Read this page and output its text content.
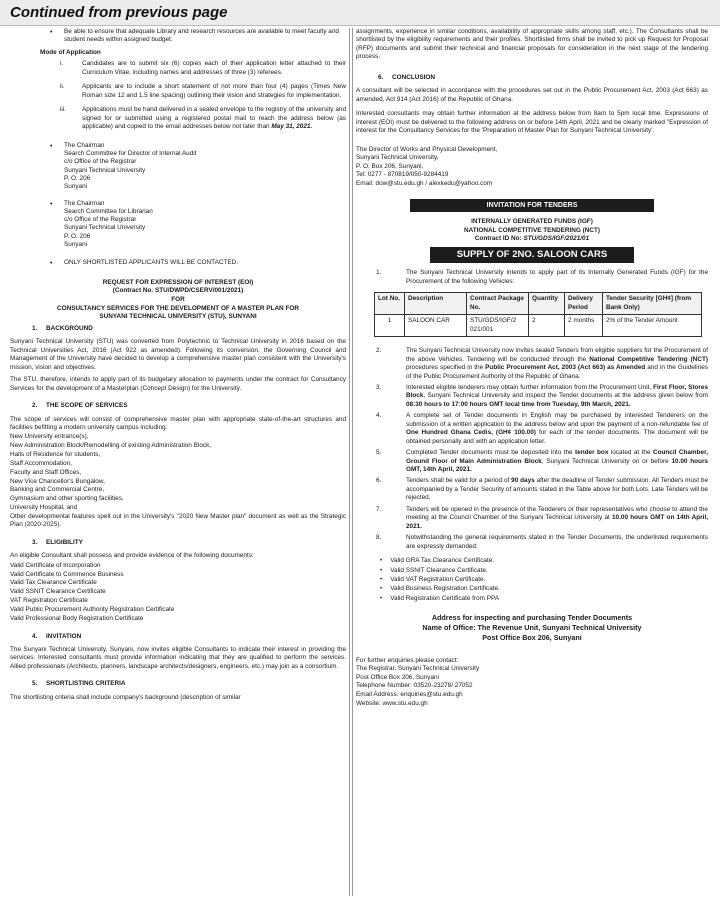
Continued from previous page
•	Be able to ensure that adequate Library and research resources are available to meet faculty and student needs within assigned budget.
Mode of Application
i.	Candidates are to submit six (6) copies each of their application letter attached to their Curriculum Vitae, including names and addresses of three (3) referees.
ii.	Applicants are to include a short statement of not more than four (4) pages (Times New Roman size 12 and 1.5 line spacing) outlining their vision and strategies for implementation.
iii.	Applications must be hand delivered in a sealed envelope to the registry of the university and signed for or submitted using a registered postal mail to reach the address below (as applicable) and copied to the email addresses below not later than May 31, 2021.
•	The Chairman
Search Committee for Director of Internal Audit
c/o Office of the Registrar
Sunyani Technical University
P. O. 206
Sunyani
•	The Chairman
Search Committee for Librarian
c/o Office of the Registrar
Sunyani Technical University
P. O. 206
Sunyani
•	ONLY SHORTLISTED APPLICANTS WILL BE CONTACTED.
REQUEST FOR EXPRESSION OF INTEREST (EOI)
(Contract No. STU/DWPD/CSERV/001/2021)
FOR
CONSULTANCY SERVICES FOR THE DEVELOPMENT OF A MASTER PLAN FOR
SUNYANI TECHNICAL UNIVERSITY (STU), SUNYANI
1. BACKGROUND
Sunyani Technical University (STU) was converted from Polytechnic to Technical University in 2016 based on the Technical Universities Act, 2016 (Act 922 as amended). Following its conversion, the Governing Council and Management of the University have decided to develop a comprehensive master plan consistent with the University's mission, vision and objectives.
The STU, therefore, intends to apply part of its budgetary allocation to payments under the contract for Consultancy Services for the development of a Masterplan (Concept Design) for the University.
2. THE SCOPE OF SERVICES
The scope of services will consist of comprehensive master plan with appropriate state-of-the-art structures and facilities befitting a modern university campus including:
New University entrance(s),
New Administration Block/Remodelling of existing Administration Block,
Halls of Residence for students,
Staff Accommodation,
Faculty and Staff Offices,
New Vice Chancellor's Bungalow,
Banking and Commercial Centre,
Gymnasium and other sporting facilities,
University Hospital, and
Other developmental features spelt out in the University's "2020 New Master plan" document as well as the Strategic Plan (2020-2025).
3. ELIGIBILITY
An eligible Consultant shall possess and provide evidence of the following documents:
Valid Certificate of Incorporation
Valid Certificate to Commence Business
Valid Tax Clearance Certificate
Valid SSNIT Clearance Certificate
VAT Registration Certificate
Valid Public Procurement Authority Registration Certificate
Valid Professional Body Registration Certificate
4. INVITATION
The Sunyani Technical University, Sunyani, now invites eligible Consultants to indicate their interest in providing the services. Interested consultants must provide information indicating that they are qualified to perform the services. Allied professionals (Architects, planners, landscape architects/designers, engineers, etc.) may join as a consortium.
5. SHORTLISTING CRITERIA
The shortlisting criteria shall include company's background (description of similar
assignments, experience in similar conditions, availability of appropriate skills among staff, etc.). The Consultants shall be shortlisted by the eligibility requirements and their profiles. Shortlisted firms shall be invited to pick up Request for Proposal (RFP) documents and submit their technical and financial proposals for consideration in the next stage of the tendering process.
6. CONCLUSION
A consultant will be selected in accordance with the procedures set out in the Public Procurement Act, 2003 (Act 663) as amended, Act 914 (Act 2016) of the Republic of Ghana.
Interested consultants may obtain further information at the address below from 8am to 5pm local time. Expressions of interest (EOI) must be delivered to the following address on or before 14th April, 2021 and be clearly marked "Expression of interest for the Consultancy Services for the 'Preparation of Master Plan for Sunyani Technical University'.
The Director of Works and Physical Development,
Sunyani Technical University,
P. O. Box 206, Sunyani,
Tel: 0277 - 870819/050-9284419
Email: dow@stu.edu.gh / alexkedu@yahoo.com
INVITATION FOR TENDERS
INTERNALLY GENERATED FUNDS (IGF)
NATIONAL COMPETITIVE TENDERING (NCT)
Contract ID No: STU/GDS/IGF/2021/01
SUPPLY OF 2NO. SALOON CARS
1.	The Sunyani Technical University intends to apply part of its Internally Generated Funds (IGF) for the Procurement of the following Vehicles:
Lot No.	Description	Contract Package No.	Quantity	Delivery Period	Tender Security [GH¢] (from Bank Only)
1	SALOON CAR	STU/GDS/IGF/2 021/001	2	2 months	2% of the Tender Amount
2.	The Sunyani Technical University now invites sealed Tenders from eligible suppliers for the Procurement of the above Vehicles. Tendering will be conducted through the National Competitive Tendering (NCT) procedures specified in the Public Procurement Act, 2003 (Act 663) as Amended and in the Guidelines of the Public Procurement Authority of the Republic of Ghana.
3.	Interested eligible tenderers may obtain further information from the Procurement Unit, First Floor, Stores Block, Sunyani Technical University and inspect the Tender documents at the address given below from 08:30 hours to 17:00 hours GMT local time from Tuesday, 9th March, 2021.
4.	A complete set of Tender documents in English may be purchased by interested Tenderers on the submission of a written application to the address below and upon the payment of a non-refundable fee of One Hundred Ghana Cedis, (GH¢ 100.00) for each of the tender documents. The document will be obtained personally and with an application letter.
5.	Completed Tender documents must be deposited into the tender box located at the Council Chamber, Ground Floor of Main Administration Block, Sunyani Technical University on or before 10.00 hours GMT, 14th April, 2021.
6.	Tenders shall be valid for a period of 90 days after the deadline of Tender submission. All Tenders must be accompanied by a Tender Security of amounts stated in the Table above for both Lots. Late Tenders will be rejected.
7.	Tenders will be opened in the presence of the Tenderers or their representatives who choose to attend the meeting at the Council Chamber of the Sunyani Technical University at 10.00 hours GMT on 14th April, 2021.
8.	Notwithstanding the general requirements stated in the Tender Documents, the underlisted requirements are expressly demanded:
• Valid GRA Tax Clearance Certificate.
• Valid SSNIT Clearance Certificate.
• Valid VAT Registration Certificate.
• Valid Business Registration Certificate.
• Valid Registration Certificate from PPA
Address for inspecting and purchasing Tender Documents
Name of Office: The Revenue Unit, Sunyani Technical University
Post Office Box 206, Sunyani
For further enquiries please contact:
The Registrar, Sunyani Technical University
Post Office Box 206, Sunyani
Telephone Number: 03520-23278/ 27052
Email Address: enquiries@stu.edu.gh
Website: www.stu.edu.gh
